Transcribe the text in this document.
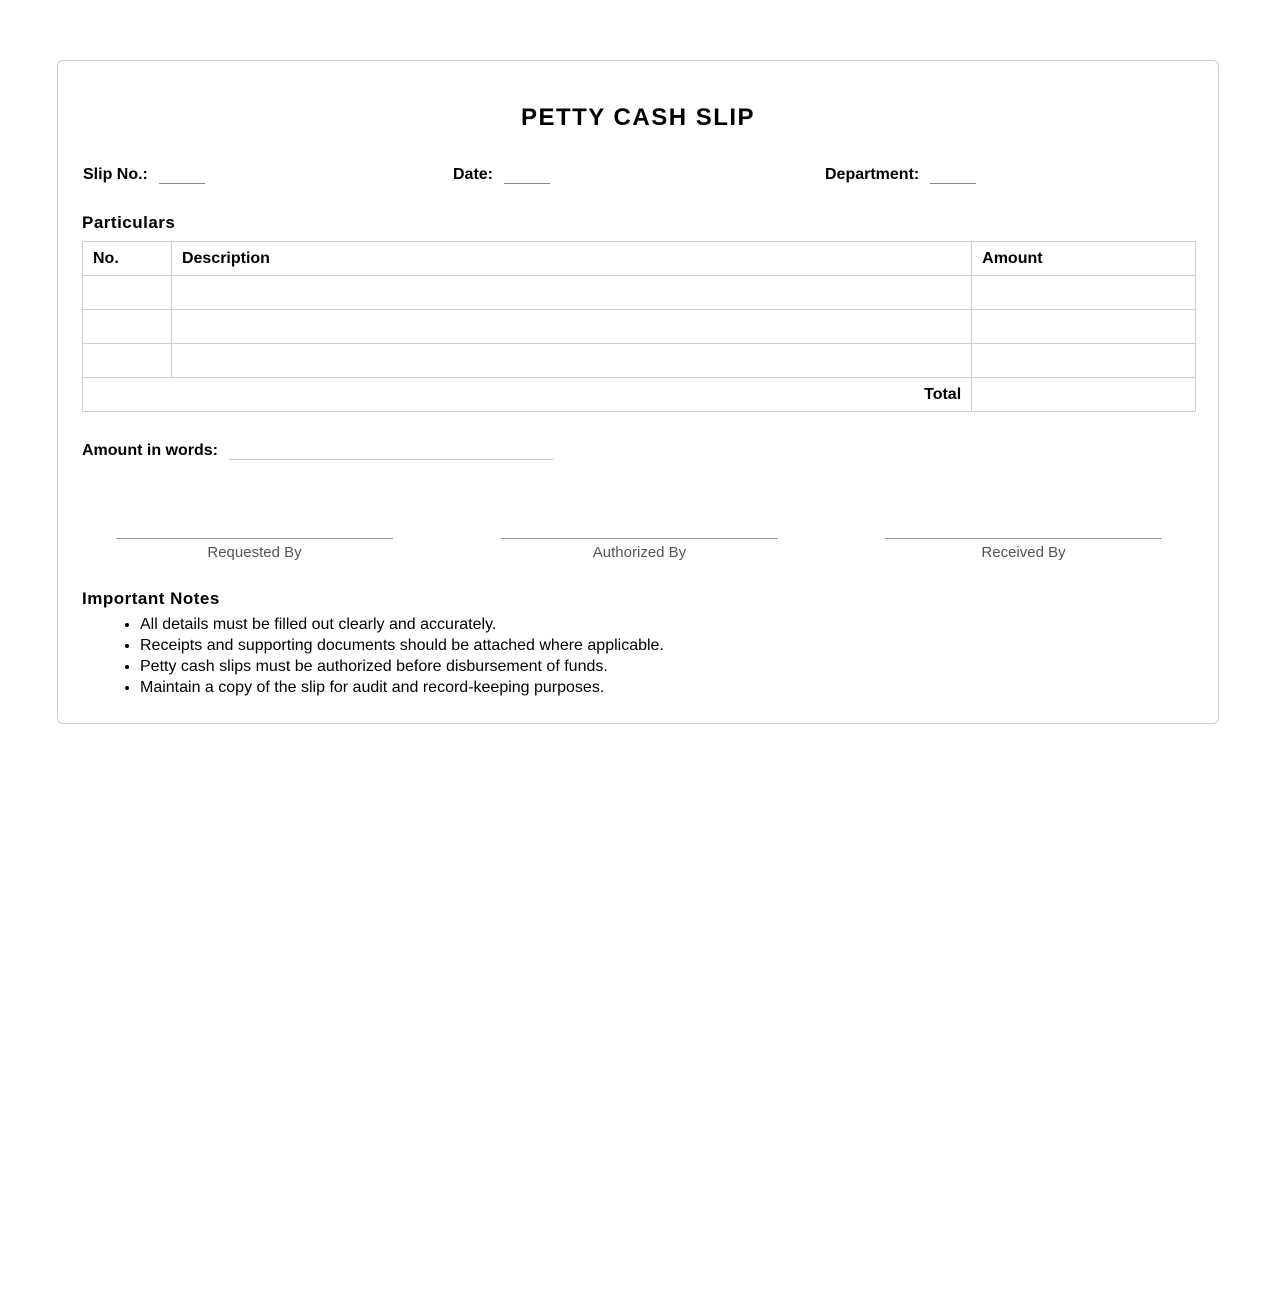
PETTY CASH SLIP
Slip No.:	Date:	Department:
Particulars
No.	Description	Amount

Total		
Amount in words:
Requested By	Authorized By	Received By
Important Notes
• All details must be filled out clearly and accurately.
• Receipts and supporting documents should be attached where applicable.
• Petty cash slips must be authorized before disbursement of funds.
• Maintain a copy of the slip for audit and record-keeping purposes.
